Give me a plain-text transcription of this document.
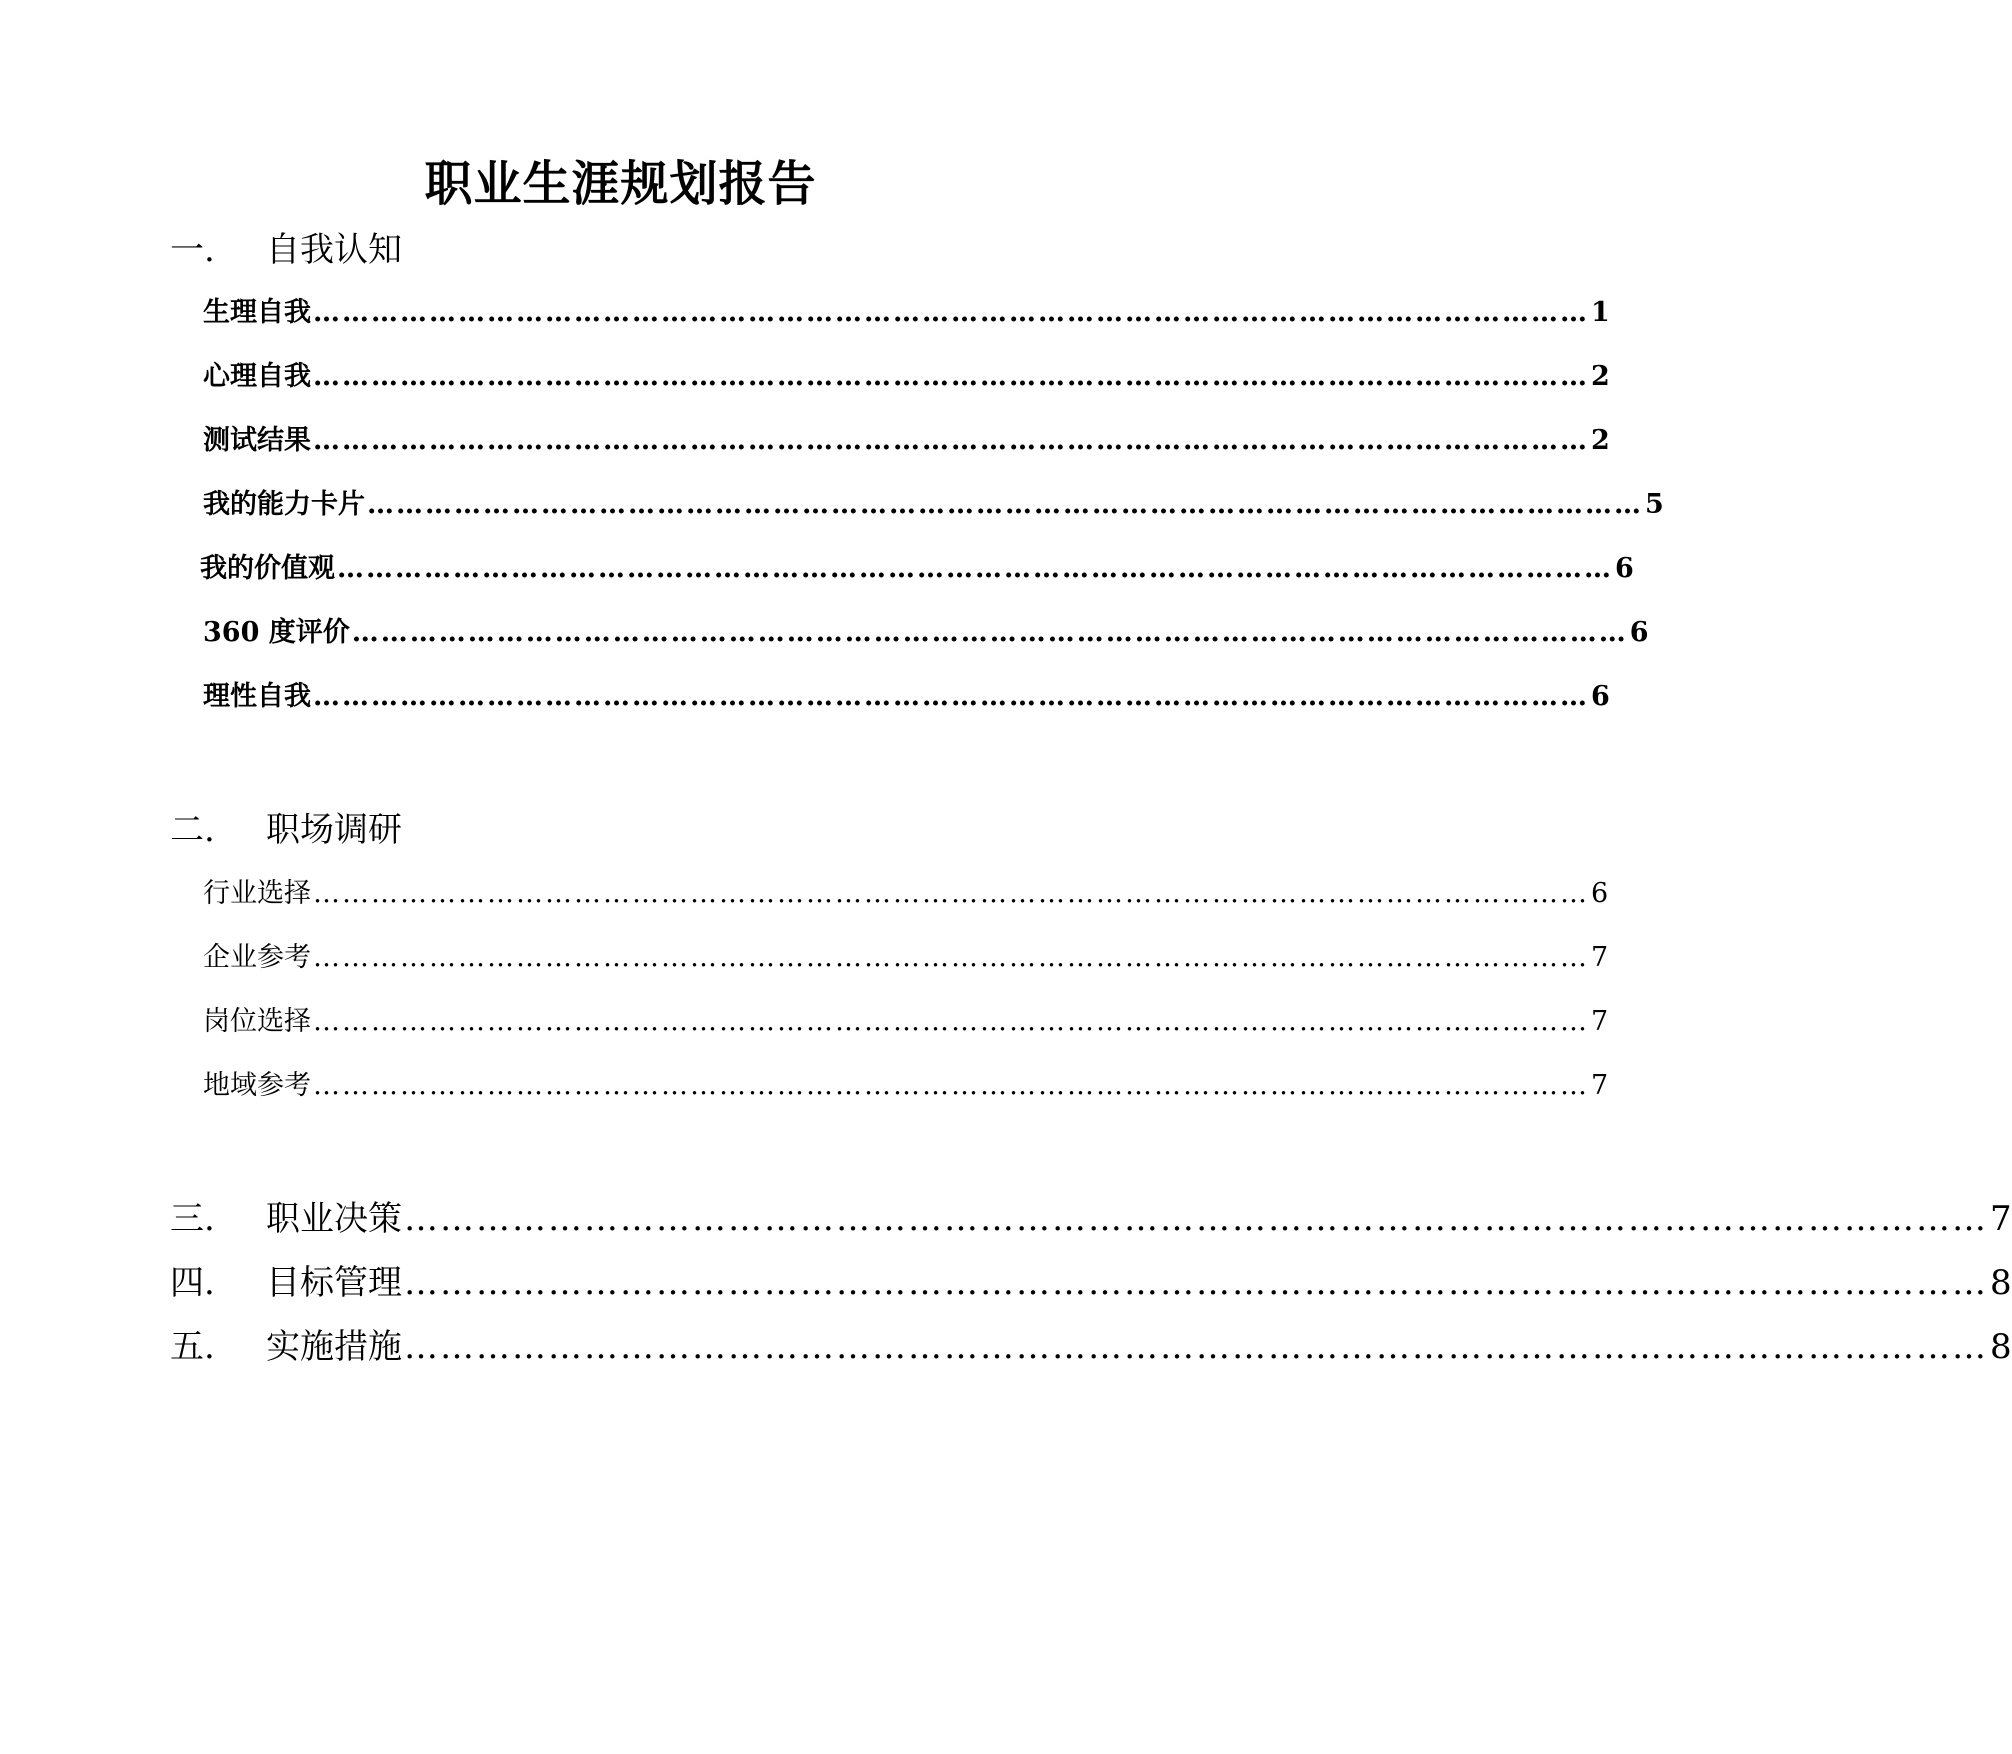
职业生涯规划报告
一. 自我认知
生理自我 …………………………………………………………………………………………………………………… 1
心理自我 …………………………………………………………………………………………………………………… 2
测试结果 …………………………………………………………………………………………………………………… 2
我的能力卡片 …………………………………………………………………………………………………………………… 5
我的价值观 …………………………………………………………………………………………………………………… 6
360 度评价 …………………………………………………………………………………………………………………… 6
理性自我 …………………………………………………………………………………………………………………… 6
二. 职场调研
行业选择 …………………………………………………………………………………………………………………… 6
企业参考 …………………………………………………………………………………………………………………… 7
岗位选择 …………………………………………………………………………………………………………………… 7
地域参考 …………………………………………………………………………………………………………………… 7
三. 职业决策 …………………………………………………………………………………………………………………… 7
四. 目标管理 …………………………………………………………………………………………………………………… 8
五. 实施措施 …………………………………………………………………………………………………………………… 8
